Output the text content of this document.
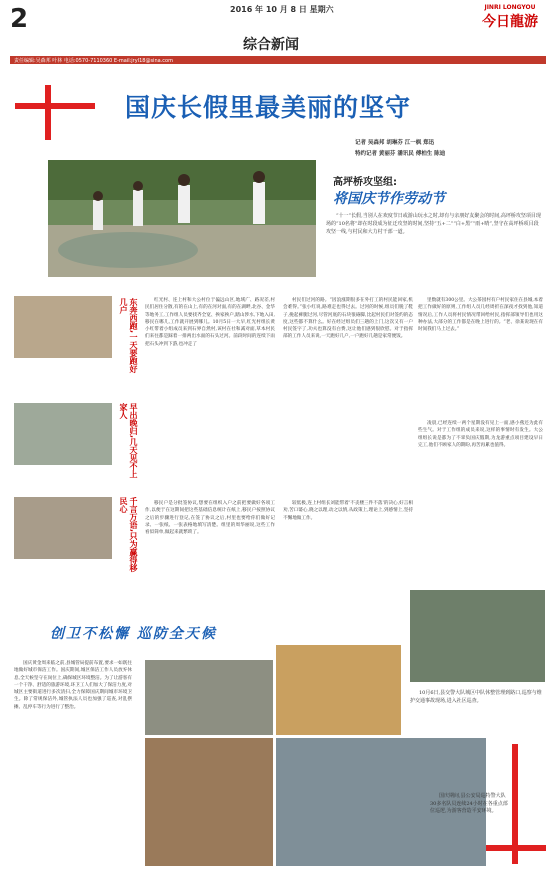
2	2016 年 10 月 8 日 星期六	JINRI LONGYOU
今日龍游
综合新闻
责任编辑:吴森邦 叶林 电话:0570-7110360 E-mail:jryl18@sina.com
国庆长假里最美丽的坚守
记者 吴森邦 胡琳芬 江一枫 郑迅
特约记者 黄丽芬 潘讯民 傅柏生 陈迪
高坪桥攻坚组:
将国庆节作劳动节
“十一”长假,当别人在欢度节日或游山玩水之时,却有与亲朋好友聚会的时间,高坪桥攻坚项目现场的“10名将”却在时段成为征迁攻坚的时间,坚持“五+二”“白+黑”“雨+晴”,坚守在高坪桥项目段攻坚一线,与村民和大力村干部一道。
东奔西跑,一天要跑好几户
早出晚归,几天见不上家人
千言万语,只为赢得移民心

红光村、连上村和大公村位于偏远山区,地域广、路况差,村民们居住分散,有的在山上,有的在河对面,有的在湖畔,北谷、金华等地务工,工作组人员要找齐全宽、挨家挨户,踏山涉水,下地入田,移民在哪儿,工作就开展到哪儿。10月5日一大早,红光村组长黄小红带着小组成员来到石界自然村,该村在社和减对面,草本村民们来往都是踩着一排两出水面的石头过河。前段时间的连续下雨把石头冲到下游,也冲走了

村民们过河的路。“因浪涨期很多在外打工的村民能回家,机会难得。”张小红说,路难走也得过去。过河的时候,组员们脱了鞋子,挽起裤腿过河,尽管河底的石块很硌脚,比起村民们对签约的态度,这些都不算什么。好在经过组员们三趟的上门,这次又有一户村民签字了,功夫也算没有白费,这让他们感到很欣慰。对于指挥部的工作人员来说,一天跑好几户,一户跑好几趟是家常便饭。

里数就有300公里。大公茶园村有户村民家住在县城,本着把工作做好的原则,工作组人员几经周折在深夜才找到他,知道情况后,工作人员将村民情况带回给村民,指挥部领导们也用这种办法,大部分的工作都是在晚上进行的。“老、徐某说现在有时间我们马上过去。”

移民户是分批签协议,想要在组织入户之前把要做好各项工作,以便于在这期间把这些基础信息统计在纸上,移民户按照协议之后的步骤进行登记,在签了协议之后,村里也要给你们做好记录、一张纸、一张表格地填写清楚。组里的周华丽说,这些工作看似简单,做起来就繁琐了。

较低极,连上村组长刘能带着'不丧楼三件不落'的决心,好言相劝,苦口婆心,晓之以理,动之以情,从政策上,理论上,到感情上,坚持不懈地做工作。

凌晨,已经连续一两个星期没有见上一面,感小燕还为此有些生气。对于工作组的成员来说,这样的事情时有发生。大公组组长说是都为了不辜负国庆假期,为龙游重点项目建设早日完工,他们不顾家人的期盼,再苦再累也值得。

创卫不松懈 巡防全天候

国庆黄金周来临之前,县城管局提前布置,要求一如既往地做好城市保洁工作。国庆期间,城区保洁工作人员放弃休息,全天候坚守在岗位上,确保城区环境整洁。为了让游客有一个干净、舒适的旅游环境,环卫工人们加大了保洁力度,对城区主要街道进行多次清扫,全力保障国庆期间城市环境卫生。除了常规保洁外,城管执法人员也加强了巡查,对乱摆摊、乱停车等行为进行了整治。

10月6日,县交警大队城区中队休整管理到路口,巡察与维护交通事故现场,进入社区巡查。
国庆期间,县公安局巡特警大队30多名队员连续24小时在各重点部位巡逻,为游客营造平安环境。
